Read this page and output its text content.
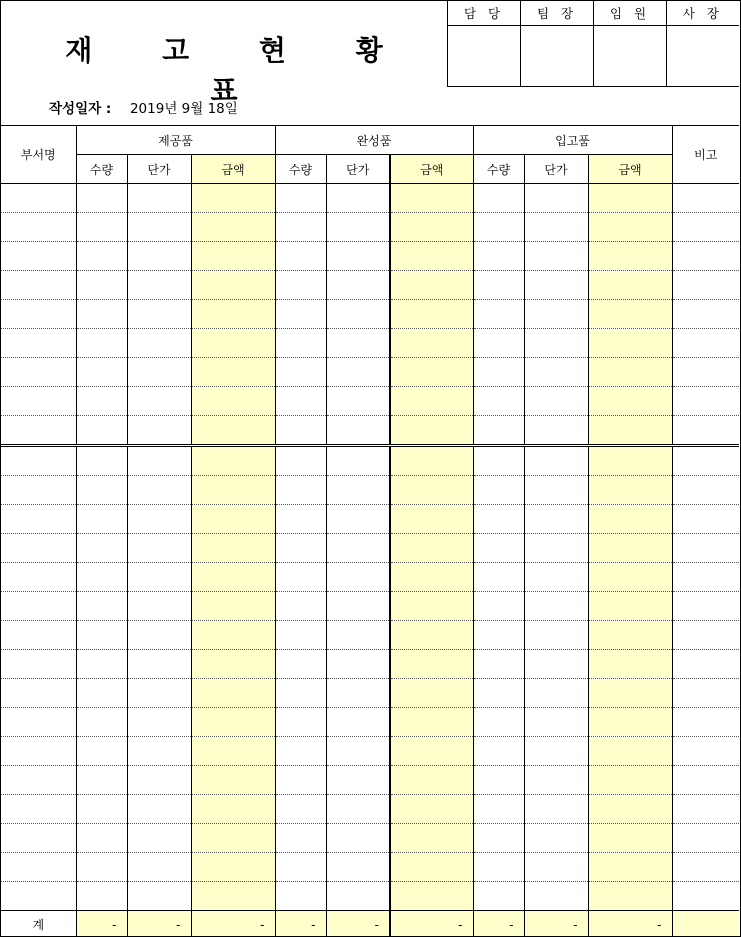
재 고 현 황 표
담 당	팀 장	임 원	사 장

작성일자 : 2019년 9월 18일
부서명	제공품			완성품			입고품			비고
	수량	단가	금액	수량	단가	금액	수량	단가	금액	

계	-	-	-	-	-	-	-	-	-	
